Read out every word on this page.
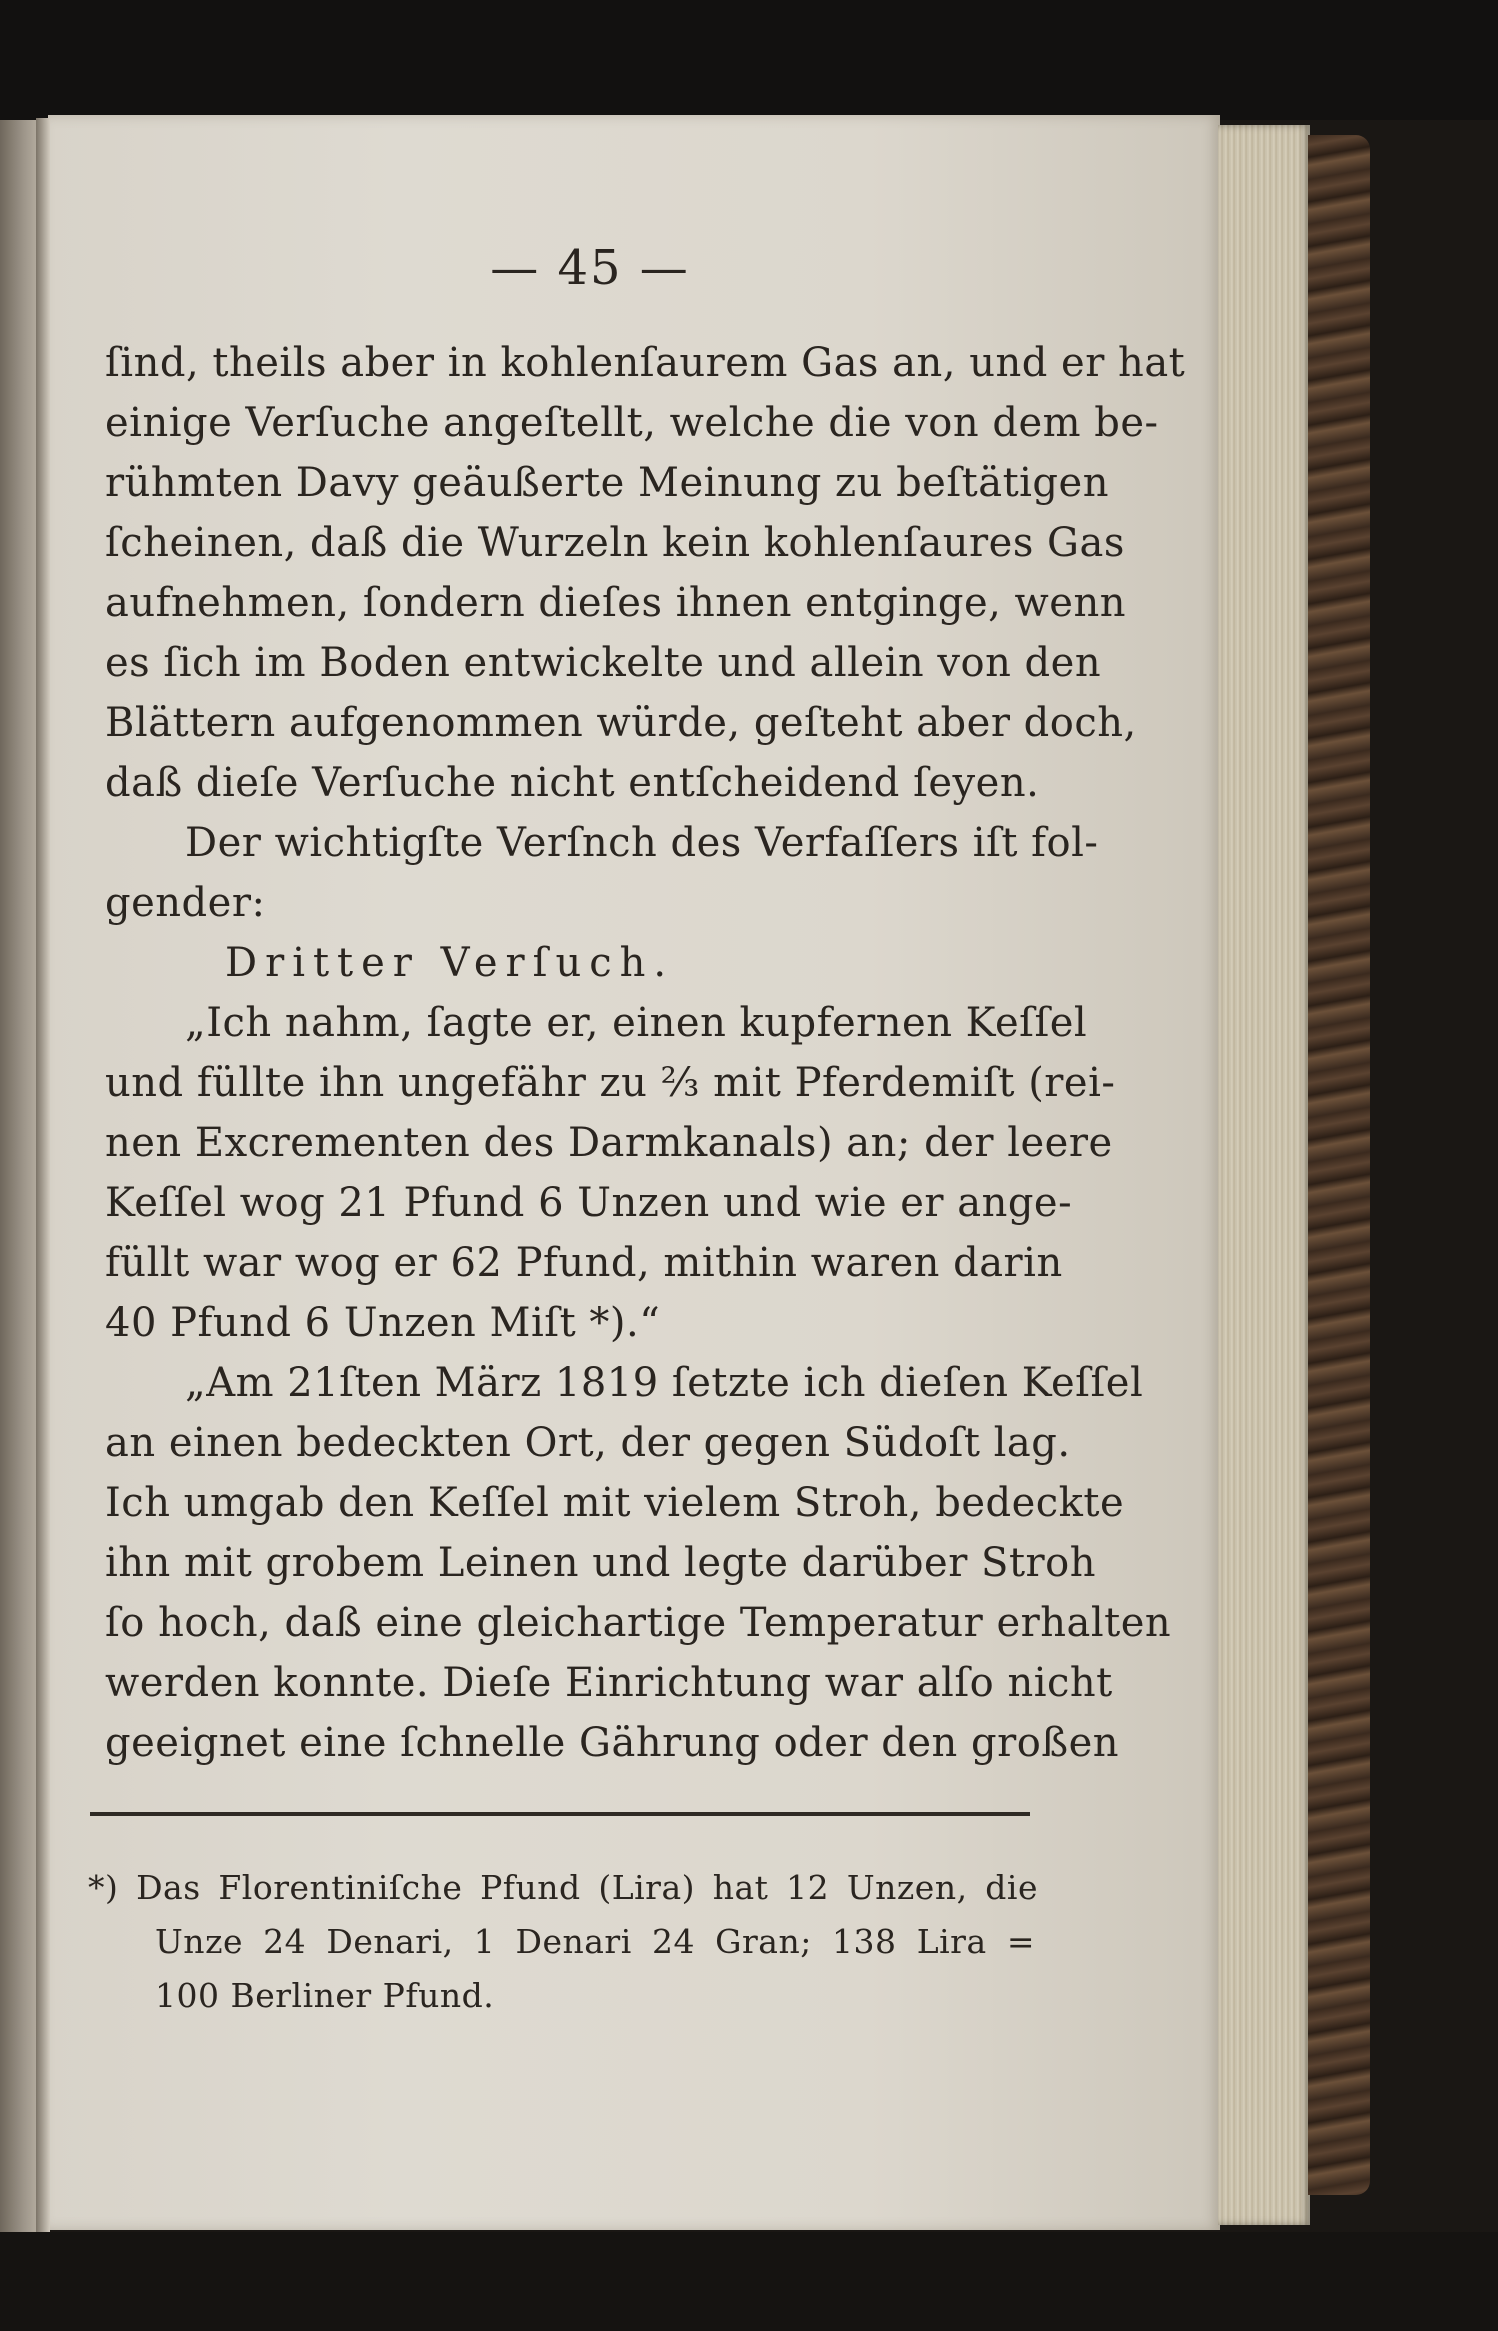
— 45 —
ſind, theils aber in kohlenſaurem Gas an, und er hat
einige Verſuche angeſtellt, welche die von dem be-
rühmten Davy geäußerte Meinung zu beſtätigen
ſcheinen, daß die Wurzeln kein kohlenſaures Gas
aufnehmen, ſondern dieſes ihnen entginge, wenn
es ſich im Boden entwickelte und allein von den
Blättern aufgenommen würde, geſteht aber doch,
daß dieſe Verſuche nicht entſcheidend ſeyen.
Der wichtigſte Verſnch des Verfaſſers iſt fol-
gender:
Dritter Verſuch.
„Ich nahm, ſagte er, einen kupfernen Keſſel
und füllte ihn ungefähr zu ⅔ mit Pferdemiſt (rei-
nen Excrementen des Darmkanals) an; der leere
Keſſel wog 21 Pfund 6 Unzen und wie er ange-
füllt war wog er 62 Pfund, mithin waren darin
40 Pfund 6 Unzen Miſt *).“
„Am 21ſten März 1819 ſetzte ich dieſen Keſſel
an einen bedeckten Ort, der gegen Südoſt lag.
Ich umgab den Keſſel mit vielem Stroh, bedeckte
ihn mit grobem Leinen und legte darüber Stroh
ſo hoch, daß eine gleichartige Temperatur erhalten
werden konnte. Dieſe Einrichtung war alſo nicht
geeignet eine ſchnelle Gährung oder den großen
*) Das Florentiniſche Pfund (Lira) hat 12 Unzen, die
Unze 24 Denari, 1 Denari 24 Gran; 138 Lira =
100 Berliner Pfund.
